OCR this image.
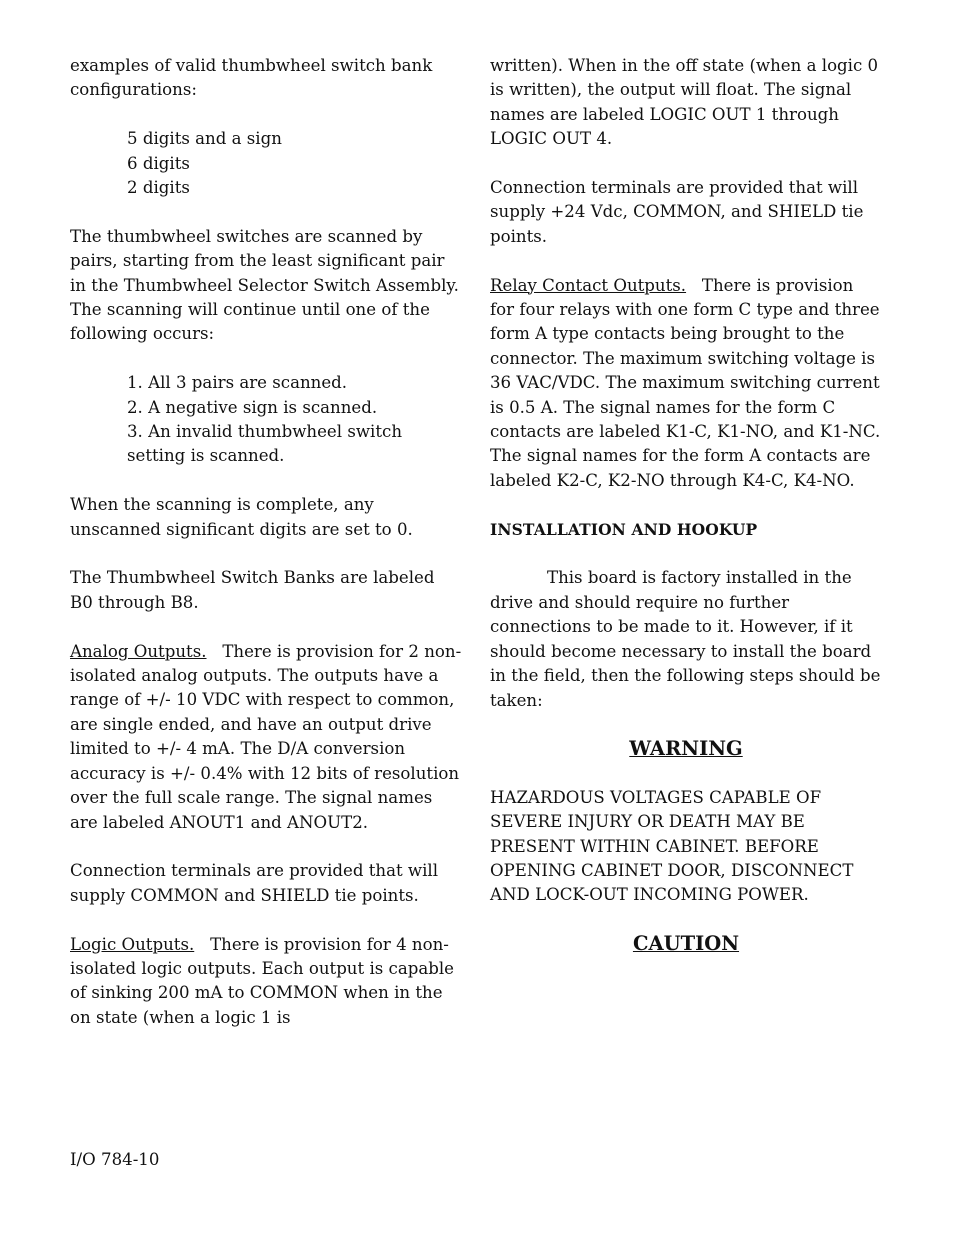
examples of valid thumbwheel switch bank configurations:

5 digits and a sign
6 digits
2 digits

The thumbwheel switches are scanned by pairs, starting from the least significant pair in the Thumbwheel Selector Switch Assembly. The scanning will continue until one of the following occurs:

1. All 3 pairs are scanned.
2. A negative sign is scanned.
3. An invalid thumbwheel switch setting is scanned.

When the scanning is complete, any unscanned significant digits are set to 0.

The Thumbwheel Switch Banks are labeled B0 through B8.

Analog Outputs. There is provision for 2 non-isolated analog outputs. The outputs have a range of +/- 10 VDC with respect to common, are single ended, and have an output drive limited to +/- 4 mA. The D/A conversion accuracy is +/- 0.4% with 12 bits of resolution over the full scale range. The signal names are labeled ANOUT1 and ANOUT2.

Connection terminals are provided that will supply COMMON and SHIELD tie points.

Logic Outputs. There is provision for 4 non-isolated logic outputs. Each output is capable of sinking 200 mA to COMMON when in the on state (when a logic 1 is

written). When in the off state (when a logic 0 is written), the output will float. The signal names are labeled LOGIC OUT 1 through LOGIC OUT 4.

Connection terminals are provided that will supply +24 Vdc, COMMON, and SHIELD tie points.

Relay Contact Outputs. There is provision for four relays with one form C type and three form A type contacts being brought to the connector. The maximum switching voltage is 36 VAC/VDC. The maximum switching current is 0.5 A. The signal names for the form C contacts are labeled K1-C, K1-NO, and K1-NC. The signal names for the form A contacts are labeled K2-C, K2-NO through K4-C, K4-NO.

INSTALLATION AND HOOKUP

This board is factory installed in the drive and should require no further connections to be made to it. However, if it should become necessary to install the board in the field, then the following steps should be taken:

WARNING

HAZARDOUS VOLTAGES CAPABLE OF SEVERE INJURY OR DEATH MAY BE PRESENT WITHIN CABINET. BEFORE OPENING CABINET DOOR, DISCONNECT AND LOCK-OUT INCOMING POWER.

CAUTION
I/O 784-10
